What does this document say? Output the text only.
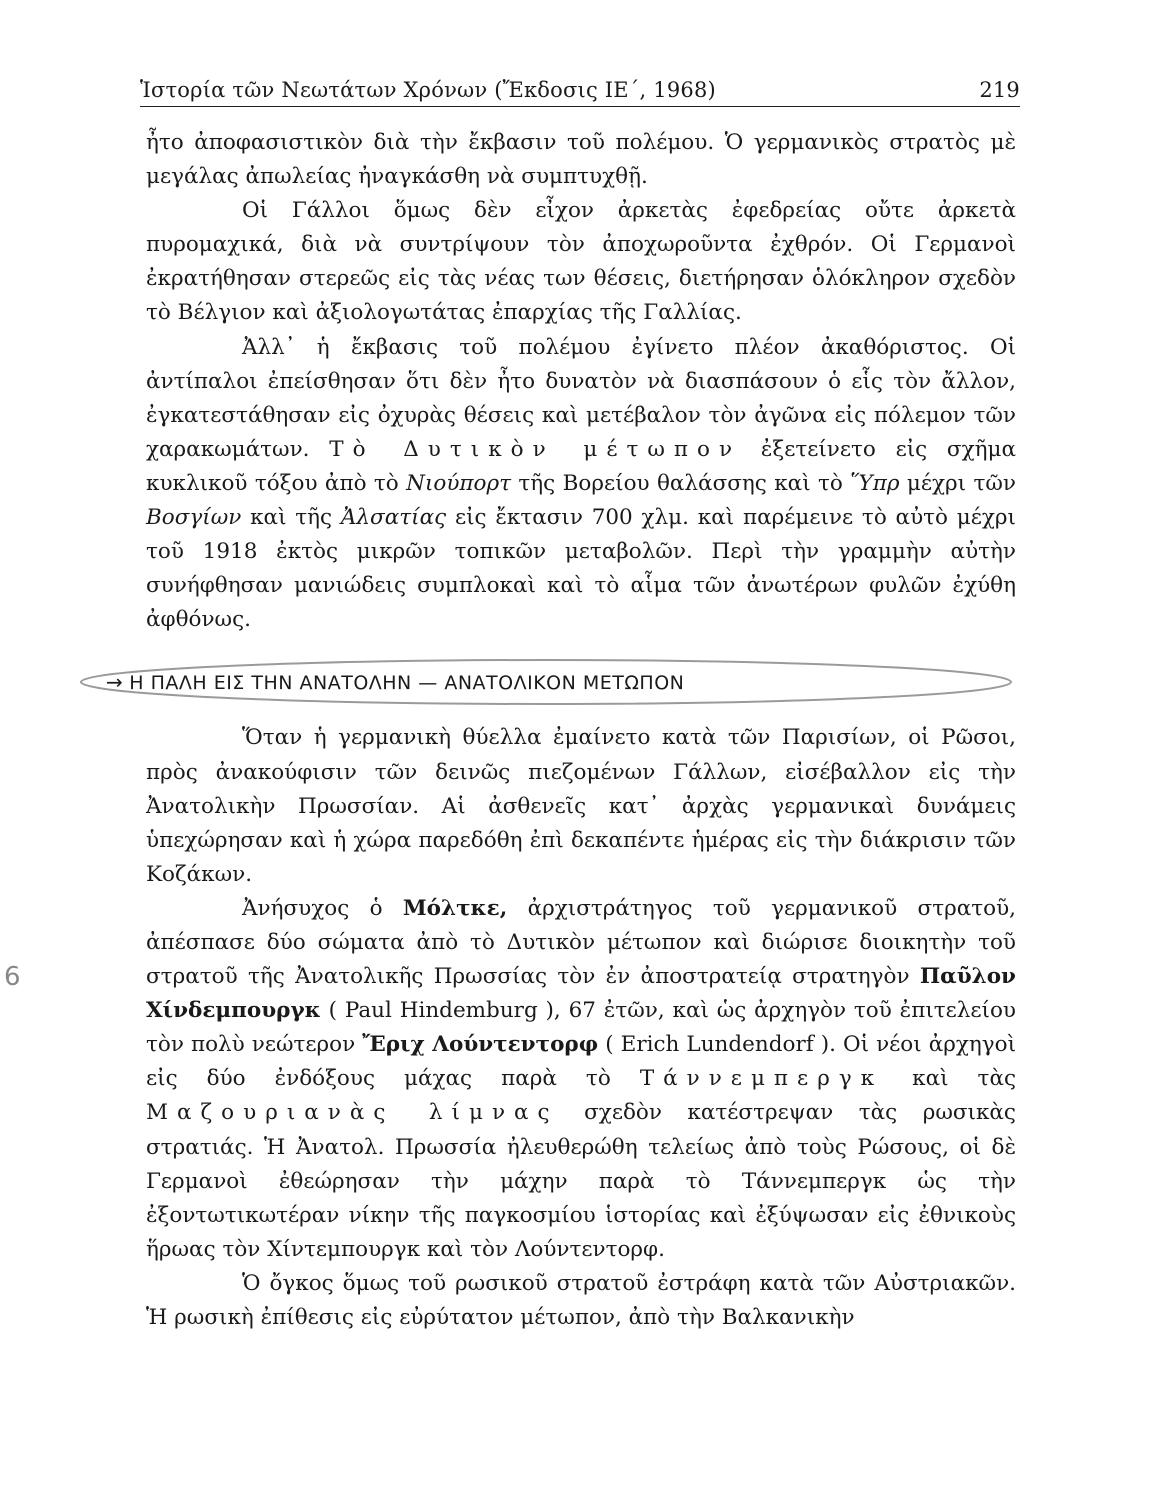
Ἱστορία τῶν Νεωτάτων Χρόνων (Ἔκδοσις ΙΕ΄, 1968)	219
6

ἦτο ἀποφασιστικὸν διὰ τὴν ἔκβασιν τοῦ πολέμου. Ὁ γερμανικὸς στρατὸς μὲ μεγάλας ἀπωλείας ἠναγκάσθη νὰ συμπτυχθῇ.

Οἱ Γάλλοι ὅμως δὲν εἶχον ἀρκετὰς ἐφεδρείας οὔτε ἀρκετὰ πυρομαχικά, διὰ νὰ συντρίψουν τὸν ἀποχωροῦντα ἐχθρόν. Οἱ Γερμανοὶ ἐκρατήθησαν στερεῶς εἰς τὰς νέας των θέσεις, διετήρησαν ὁλόκληρον σχεδὸν τὸ Βέλγιον καὶ ἀξιολογωτάτας ἐπαρχίας τῆς Γαλλίας.

Ἀλλ᾽ ἡ ἔκβασις τοῦ πολέμου ἐγίνετο πλέον ἀκαθόριστος. Οἱ ἀντίπαλοι ἐπείσθησαν ὅτι δὲν ἦτο δυνατὸν νὰ διασπάσουν ὁ εἷς τὸν ἄλλον, ἐγκατεστάθησαν εἰς ὀχυρὰς θέσεις καὶ μετέβαλον τὸν ἀγῶνα εἰς πόλεμον τῶν χαρακωμάτων. Τὸ Δυτικὸν μέτωπον ἐξετείνετο εἰς σχῆμα κυκλικοῦ τόξου ἀπὸ τὸ Νιούπορτ τῆς Βορείου θαλάσσης καὶ τὸ Ὕπρ μέχρι τῶν Βοσγίων καὶ τῆς Ἀλσατίας εἰς ἔκτασιν 700 χλμ. καὶ παρέμεινε τὸ αὐτὸ μέχρι τοῦ 1918 ἐκτὸς μικρῶν τοπικῶν μεταβολῶν. Περὶ τὴν γραμμὴν αὐτὴν συνήφθησαν μανιώδεις συμπλοκαὶ καὶ τὸ αἷμα τῶν ἀνωτέρων φυλῶν ἐχύθη ἀφθόνως.

→ Η ΠΑΛΗ ΕΙΣ ΤΗΝ ΑΝΑΤΟΛΗΝ — ΑΝΑΤΟΛΙΚΟΝ ΜΕΤΩΠΟΝ

Ὅταν ἡ γερμανικὴ θύελλα ἐμαίνετο κατὰ τῶν Παρισίων, οἱ Ρῶσοι, πρὸς ἀνακούφισιν τῶν δεινῶς πιεζομένων Γάλλων, εἰσέβαλλον εἰς τὴν Ἀνατολικὴν Πρωσσίαν. Αἱ ἀσθενεῖς κατ᾽ ἀρχὰς γερμανικαὶ δυνάμεις ὑπεχώρησαν καὶ ἡ χώρα παρεδόθη ἐπὶ δεκαπέντε ἡμέρας εἰς τὴν διάκρισιν τῶν Κοζάκων.

Ἀνήσυχος ὁ Μόλτκε, ἀρχιστράτηγος τοῦ γερμανικοῦ στρατοῦ, ἀπέσπασε δύο σώματα ἀπὸ τὸ Δυτικὸν μέτωπον καὶ διώρισε διοικητὴν τοῦ στρατοῦ τῆς Ἀνατολικῆς Πρωσσίας τὸν ἐν ἀποστρατείᾳ στρατηγὸν Παῦλον Χίνδεμπουργκ ( Paul Hindemburg ), 67 ἐτῶν, καὶ ὡς ἀρχηγὸν τοῦ ἐπιτελείου τὸν πολὺ νεώτερον Ἔριχ Λούντεντορφ ( Erich Lundendorf ). Οἱ νέοι ἀρχηγοὶ εἰς δύο ἐνδόξους μάχας παρὰ τὸ Τάννεμπεργκ καὶ τὰς Μαζουριανὰς λίμνας σχεδὸν κατέστρεψαν τὰς ρωσικὰς στρατιάς. Ἡ Ἀνατολ. Πρωσσία ἠλευθερώθη τελείως ἀπὸ τοὺς Ρώσους, οἱ δὲ Γερμανοὶ ἐθεώρησαν τὴν μάχην παρὰ τὸ Τάννεμπεργκ ὡς τὴν ἐξοντωτικωτέραν νίκην τῆς παγκοσμίου ἱστορίας καὶ ἐξύψωσαν εἰς ἐθνικοὺς ἥρωας τὸν Χίντεμπουργκ καὶ τὸν Λούντεντορφ.

Ὁ ὄγκος ὅμως τοῦ ρωσικοῦ στρατοῦ ἐστράφη κατὰ τῶν Αὐστριακῶν. Ἡ ρωσικὴ ἐπίθεσις εἰς εὐρύτατον μέτωπον, ἀπὸ τὴν Βαλκανικὴν
